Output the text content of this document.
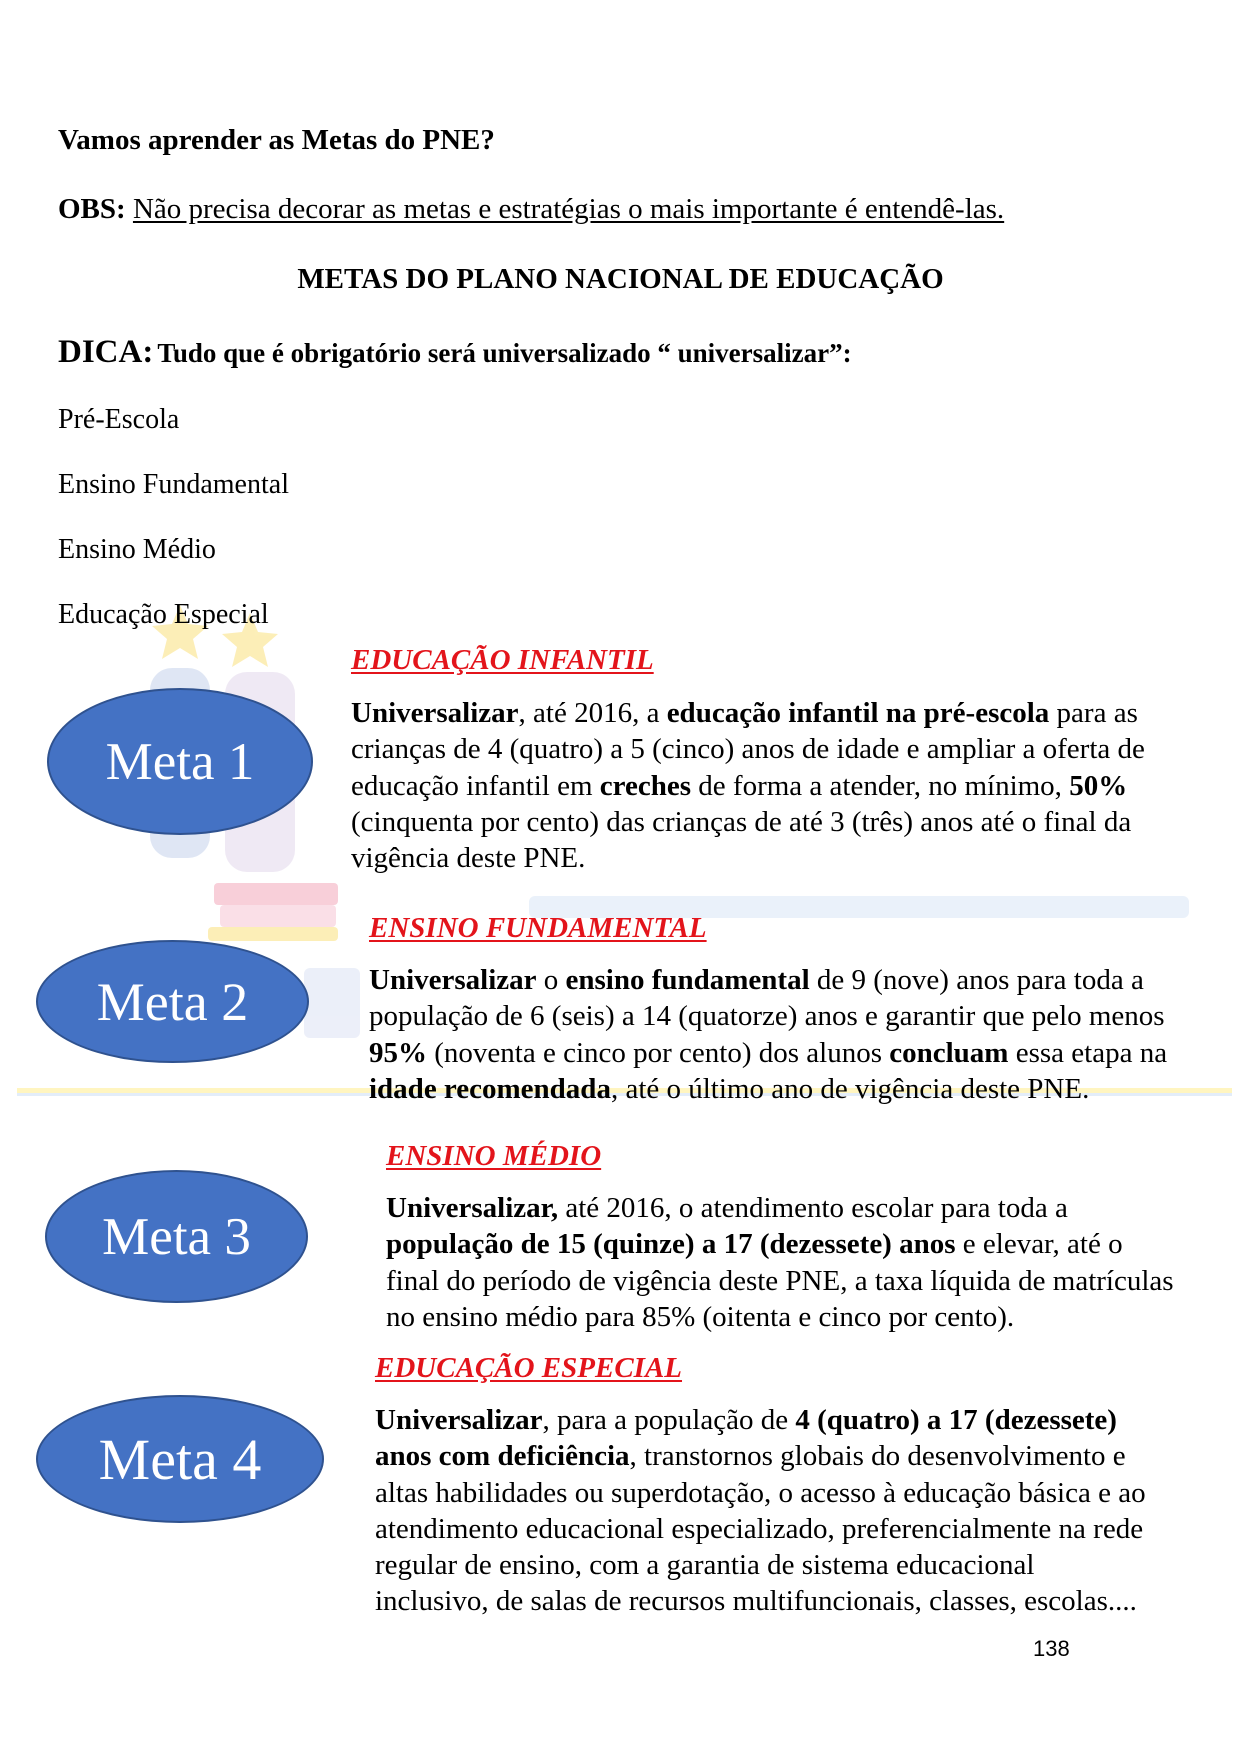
Vamos aprender as Metas do PNE?
OBS: Não precisa decorar as metas e estratégias o mais importante é entendê-las.
METAS DO PLANO NACIONAL DE EDUCAÇÃO
DICA: Tudo que é obrigatório será universalizado “ universalizar”:
Pré-Escola
Ensino Fundamental
Ensino Médio
Educação Especial
Meta 1
EDUCAÇÃO INFANTIL
Universalizar, até 2016, a educação infantil na pré-escola para as
crianças de 4 (quatro) a 5 (cinco) anos de idade e ampliar a oferta de
educação infantil em creches de forma a atender, no mínimo, 50%
(cinquenta por cento) das crianças de até 3 (três) anos até o final da
vigência deste PNE.
Meta 2
ENSINO FUNDAMENTAL
Universalizar o ensino fundamental de 9 (nove) anos para toda a
população de 6 (seis) a 14 (quatorze) anos e garantir que pelo menos
95% (noventa e cinco por cento) dos alunos concluam essa etapa na
idade recomendada, até o último ano de vigência deste PNE.
Meta 3
ENSINO MÉDIO
Universalizar, até 2016, o atendimento escolar para toda a
população de 15 (quinze) a 17 (dezessete) anos e elevar, até o
final do período de vigência deste PNE, a taxa líquida de matrículas
no ensino médio para 85% (oitenta e cinco por cento).
Meta 4
EDUCAÇÃO ESPECIAL
Universalizar, para a população de 4 (quatro) a 17 (dezessete)
anos com deficiência, transtornos globais do desenvolvimento e
altas habilidades ou superdotação, o acesso à educação básica e ao
atendimento educacional especializado, preferencialmente na rede
regular de ensino, com a garantia de sistema educacional
inclusivo, de salas de recursos multifuncionais, classes, escolas....
138
